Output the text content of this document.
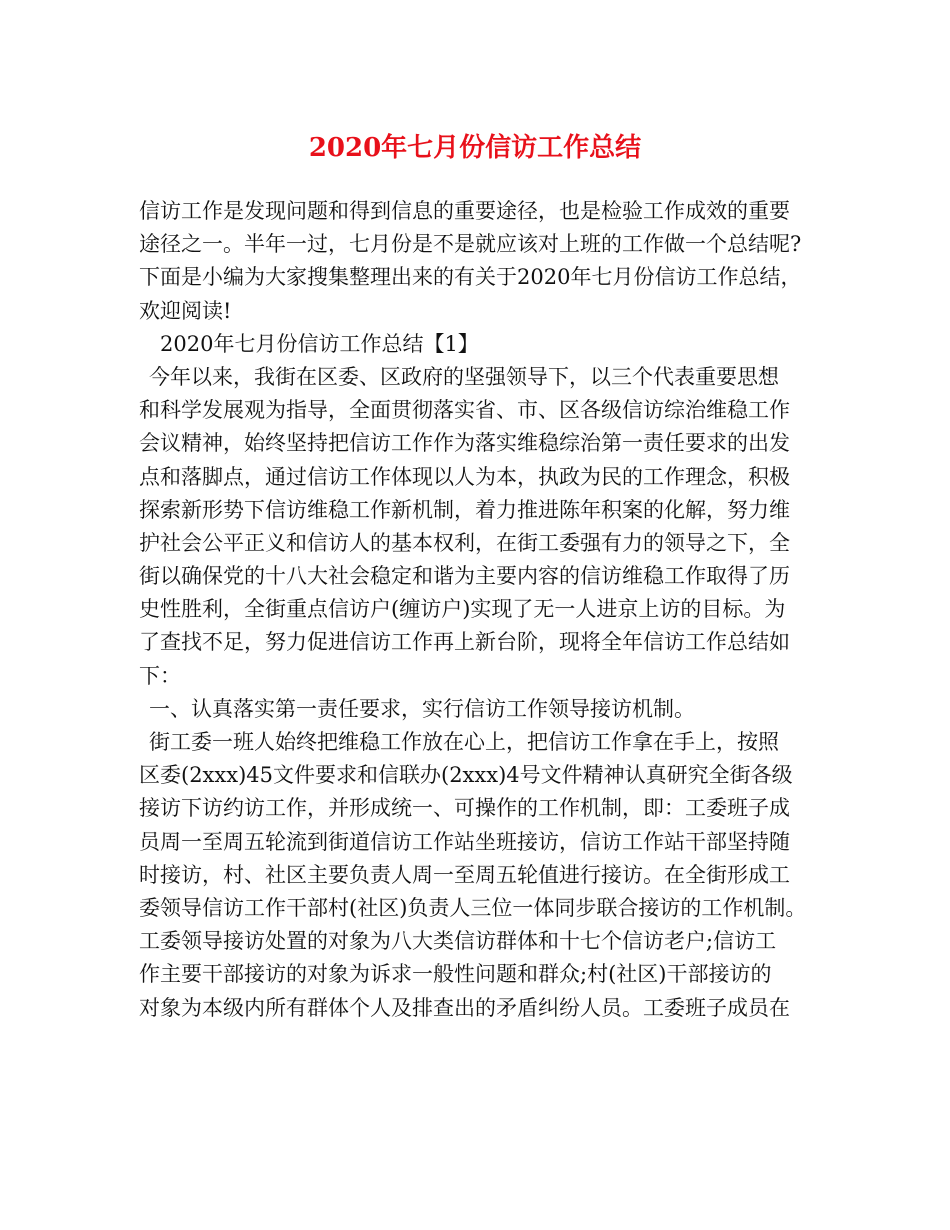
2020年七月份信访工作总结
信访工作是发现问题和得到信息的重要途径，也是检验工作成效的重要
途径之一。半年一过，七月份是不是就应该对上班的工作做一个总结呢?
下面是小编为大家搜集整理出来的有关于2020年七月份信访工作总结，
欢迎阅读!
2020年七月份信访工作总结【1】
今年以来，我街在区委、区政府的坚强领导下，以三个代表重要思想
和科学发展观为指导，全面贯彻落实省、市、区各级信访综治维稳工作
会议精神，始终坚持把信访工作作为落实维稳综治第一责任要求的出发
点和落脚点，通过信访工作体现以人为本，执政为民的工作理念，积极
探索新形势下信访维稳工作新机制，着力推进陈年积案的化解，努力维
护社会公平正义和信访人的基本权利，在街工委强有力的领导之下，全
街以确保党的十八大社会稳定和谐为主要内容的信访维稳工作取得了历
史性胜利，全街重点信访户(缠访户)实现了无一人进京上访的目标。为
了查找不足，努力促进信访工作再上新台阶，现将全年信访工作总结如
下：
一、认真落实第一责任要求，实行信访工作领导接访机制。
街工委一班人始终把维稳工作放在心上，把信访工作拿在手上，按照
区委(2xxx)45文件要求和信联办(2xxx)4号文件精神认真研究全街各级
接访下访约访工作，并形成统一、可操作的工作机制，即：工委班子成
员周一至周五轮流到街道信访工作站坐班接访，信访工作站干部坚持随
时接访，村、社区主要负责人周一至周五轮值进行接访。在全街形成工
委领导信访工作干部村(社区)负责人三位一体同步联合接访的工作机制。
工委领导接访处置的对象为八大类信访群体和十七个信访老户;信访工
作主要干部接访的对象为诉求一般性问题和群众;村(社区)干部接访的
对象为本级内所有群体个人及排查出的矛盾纠纷人员。工委班子成员在
